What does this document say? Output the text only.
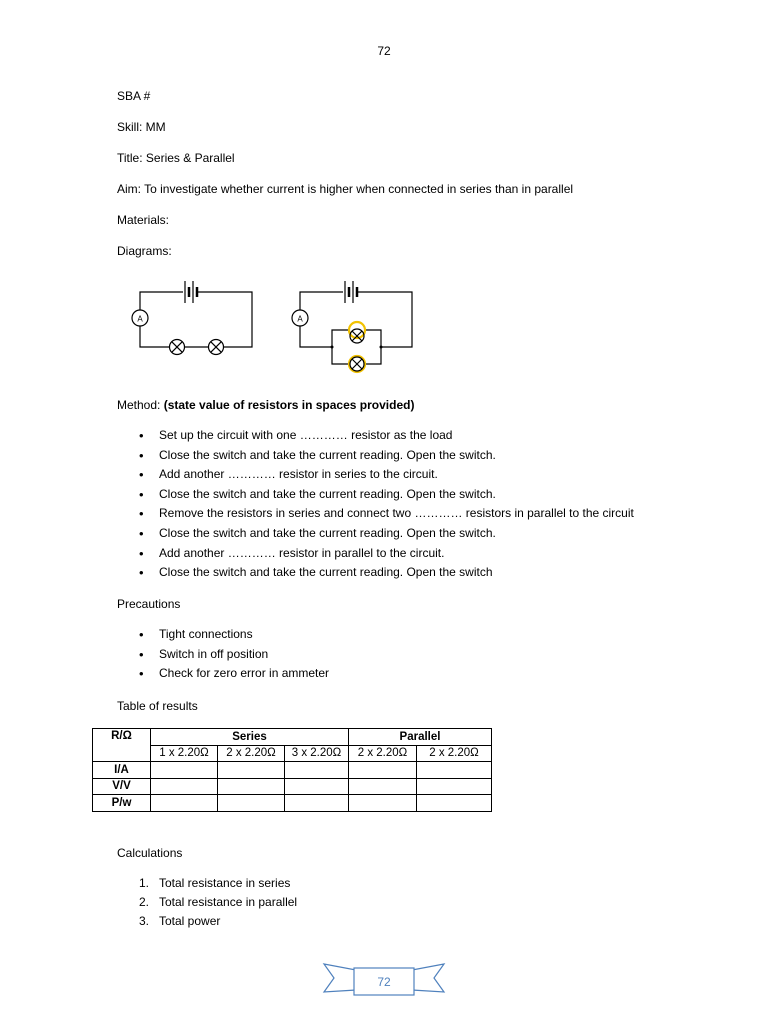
72
SBA #
Skill: MM
Title: Series & Parallel
Aim: To investigate whether current is higher when connected in series than in parallel
Materials:
Diagrams:
A	A
Method: (state value of resistors in spaces provided)
• Set up the circuit with one ………… resistor as the load
• Close the switch and take the current reading. Open the switch.
• Add another ………… resistor in series to the circuit.
• Close the switch and take the current reading. Open the switch.
• Remove the resistors in series and connect two ………… resistors in parallel to the circuit
• Close the switch and take the current reading. Open the switch.
• Add another ………… resistor in parallel to the circuit.
• Close the switch and take the current reading. Open the switch
Precautions
• Tight connections
• Switch in off position
• Check for zero error in ammeter
Table of results
R/Ω	Series			Parallel	
	1 x 2.20Ω	2 x 2.20Ω	3 x 2.20Ω	2 x 2.20Ω	2 x 2.20Ω
I/A					
V/V					
P/w					
Calculations
1. Total resistance in series
2. Total resistance in parallel
3. Total power
72
